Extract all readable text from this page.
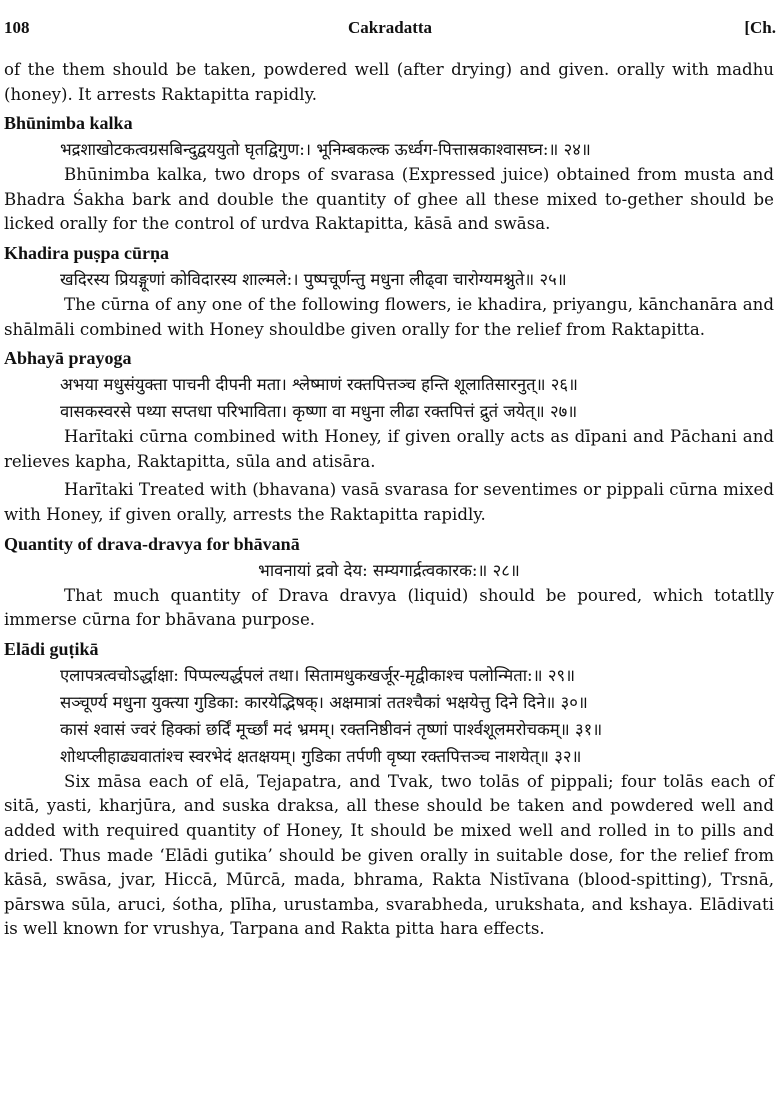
108	Cakradatta	[Ch.

of the them should be taken, powdered well (after drying) and given. orally with madhu (honey). It arrests Raktapitta rapidly.

Bhūnimba kalka

भद्रशाखोटकत्वग्रसबिन्दुद्वययुतो घृतद्विगुण:। भूनिम्बकल्क ऊर्ध्वग-पित्तास्रकाश्वासघ्न:॥ २४॥

Bhūnimba kalka, two drops of svarasa (Expressed juice) obtained from musta and Bhadra Śakha bark and double the quantity of ghee all these mixed to-gether should be licked orally for the control of urdva Raktapitta, kāsā and swāsa.

Khadira puṣpa cūrṇa

खदिरस्य प्रियङ्गूणां कोविदारस्य शाल्मले:। पुष्पचूर्णन्तु मधुना लीढ्वा चारोग्यमश्नुते॥ २५॥

The cūrna of any one of the following flowers, ie khadira, priyangu, kānchanāra and shālmāli combined with Honey shouldbe given orally for the relief from Raktapitta.

Abhayā prayoga

अभया मधुसंयुक्ता पाचनी दीपनी मता। श्लेष्माणं रक्तपित्तञ्च हन्ति शूलातिसारनुत्॥ २६॥

वासकस्वरसे पथ्या सप्तधा परिभाविता। कृष्णा वा मधुना लीढा रक्तपित्तं द्रुतं जयेत्॥ २७॥

Harītaki cūrna combined with Honey, if given orally acts as dīpani and Pāchani and relieves kapha, Raktapitta, sūla and atisāra.

Harītaki Treated with (bhavana) vasā svarasa for seventimes or pippali cūrna mixed with Honey, if given orally, arrests the Raktapitta rapidly.

Quantity of drava-dravya for bhāvanā

भावनायां द्रवो देय: सम्यगार्द्रत्वकारक:॥ २८॥

That much quantity of Drava dravya (liquid) should be poured, which totatlly immerse cūrna for bhāvana purpose.

Elādi guṭikā

एलापत्रत्वचोऽर्द्धाक्षा: पिप्पल्यर्द्धपलं तथा। सितामधुकखर्जूर-मृद्वीकाश्च पलोन्मिता:॥ २९॥

सञ्चूर्ण्य मधुना युक्त्या गुडिका: कारयेद्भिषक्। अक्षमात्रां ततश्चैकां भक्षयेत्तु दिने दिने॥ ३०॥

कासं श्वासं ज्वरं हिक्कां छर्दिं मूर्च्छां मदं भ्रमम्। रक्तनिष्ठीवनं तृष्णां पार्श्वशूलमरोचकम्॥ ३१॥

शोथप्लीहाढ्यवातांश्च स्वरभेदं क्षतक्षयम्। गुडिका तर्पणी वृष्या रक्तपित्तञ्च नाशयेत्॥ ३२॥

Six māsa each of elā, Tejapatra, and Tvak, two tolās of pippali; four tolās each of sitā, yasti, kharjūra, and suska draksa, all these should be taken and powdered well and added with required quantity of Honey, It should be mixed well and rolled in to pills and dried. Thus made ‘Elādi gutika’ should be given orally in suitable dose, for the relief from kāsā, swāsa, jvar, Hiccā, Mūrcā, mada, bhrama, Rakta Nistīvana (blood-spitting), Trsnā, pārswa sūla, aruci, śotha, plīha, urustamba, svarabheda, urukshata, and kshaya. Elādivati is well known for vrushya, Tarpana and Rakta pitta hara effects.
